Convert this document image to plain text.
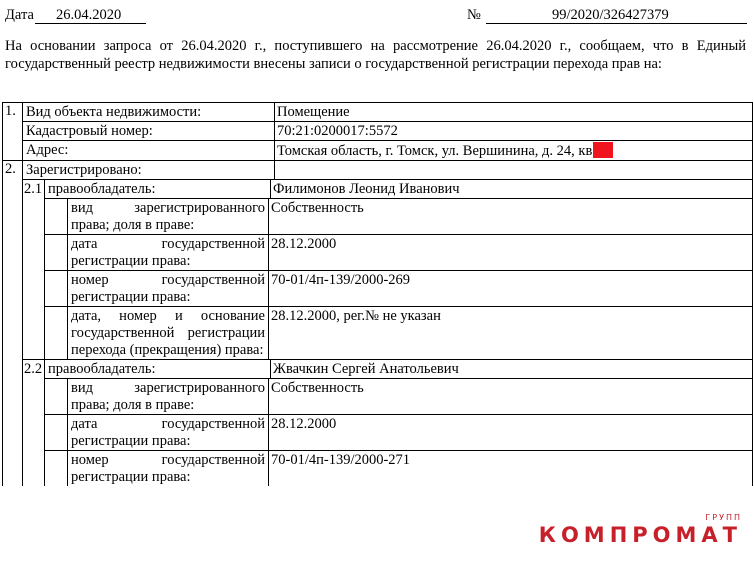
Дата 26.04.2020	№	99/2020/326427379
На основании запроса от 26.04.2020 г., поступившего на рассмотрение 26.04.2020 г., сообщаем, что в Единый государственный реестр недвижимости внесены записи о государственной регистрации перехода прав на:
1. Вид объекта недвижимости:	Помещение
Кадастровый номер:	70:21:0200017:5572
Адрес:	Томская область, г. Томск, ул. Вершинина, д. 24, кв
2. Зарегистрировано:
2.1 правообладатель:	Филимонов Леонид Иванович
вид зарегистрированного права; доля в праве:
Собственность
дата государственной регистрации права:
28.12.2000
номер государственной регистрации права:
70-01/4п-139/2000-269
дата, номер и основание государственной регистрации перехода (прекращения) права:
28.12.2000, рег.№ не указан
2.2 правообладатель:	Жвачкин Сергей Анатольевич
вид зарегистрированного права; доля в праве:
Собственность
дата государственной регистрации права:
28.12.2000
номер государственной регистрации права:
70-01/4п-139/2000-271
ГРУПП
КОМПРОМАТ
